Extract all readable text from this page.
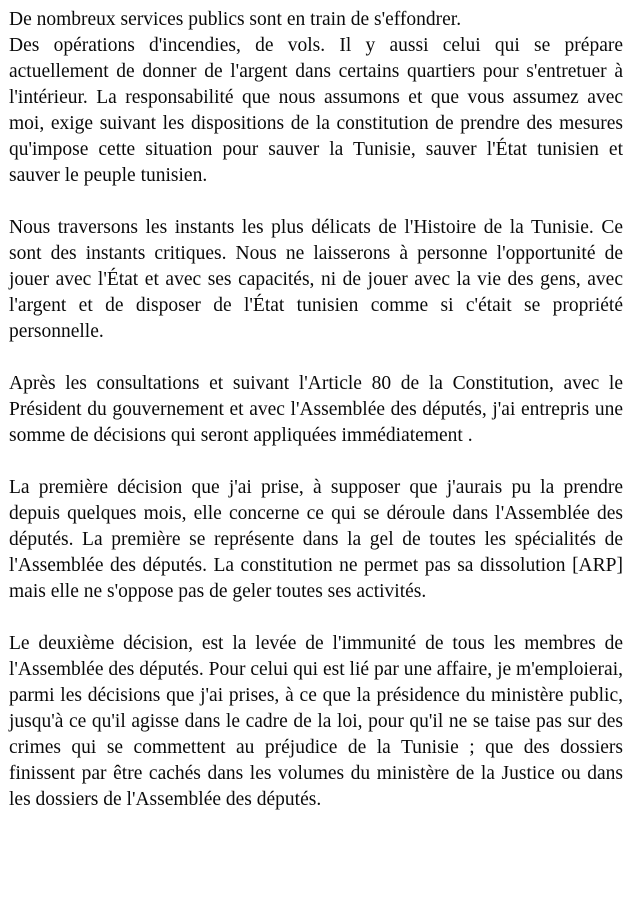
De nombreux services publics sont en train de s'effondrer.

Des opérations d'incendies, de vols. Il y aussi celui qui se prépare actuellement de donner de l'argent dans certains quartiers pour s'entretuer à l'intérieur. La responsabilité que nous assumons et que vous assumez avec moi, exige suivant les dispositions de la constitution de prendre des mesures qu'impose cette situation pour sauver la Tunisie, sauver l'État tunisien et sauver le peuple tunisien.

Nous traversons les instants les plus délicats de l'Histoire de la Tunisie. Ce sont des instants critiques. Nous ne laisserons à personne l'opportunité de jouer avec l'État et avec ses capacités, ni de jouer avec la vie des gens, avec l'argent et de disposer de l'État tunisien comme si c'était se propriété personnelle.

Après les consultations et suivant l'Article 80 de la Constitution, avec le Président du gouvernement et avec l'Assemblée des députés, j'ai entrepris une somme de décisions qui seront appliquées immédiatement .

La première décision que j'ai prise, à supposer que j'aurais pu la prendre depuis quelques mois, elle concerne ce qui se déroule dans l'Assemblée des députés. La première se représente dans la gel de toutes les spécialités de l'Assemblée des députés. La constitution ne permet pas sa dissolution [ARP] mais elle ne s'oppose pas de geler toutes ses activités.

Le deuxième décision, est la levée de l'immunité de tous les membres de l'Assemblée des députés. Pour celui qui est lié par une affaire, je m'emploierai, parmi les décisions que j'ai prises, à ce que la présidence du ministère public, jusqu'à ce qu'il agisse dans le cadre de la loi, pour qu'il ne se taise pas sur des crimes qui se commettent au préjudice de la Tunisie ; que des dossiers finissent par être cachés dans les volumes du ministère de la Justice ou dans les dossiers de l'Assemblée des députés.
